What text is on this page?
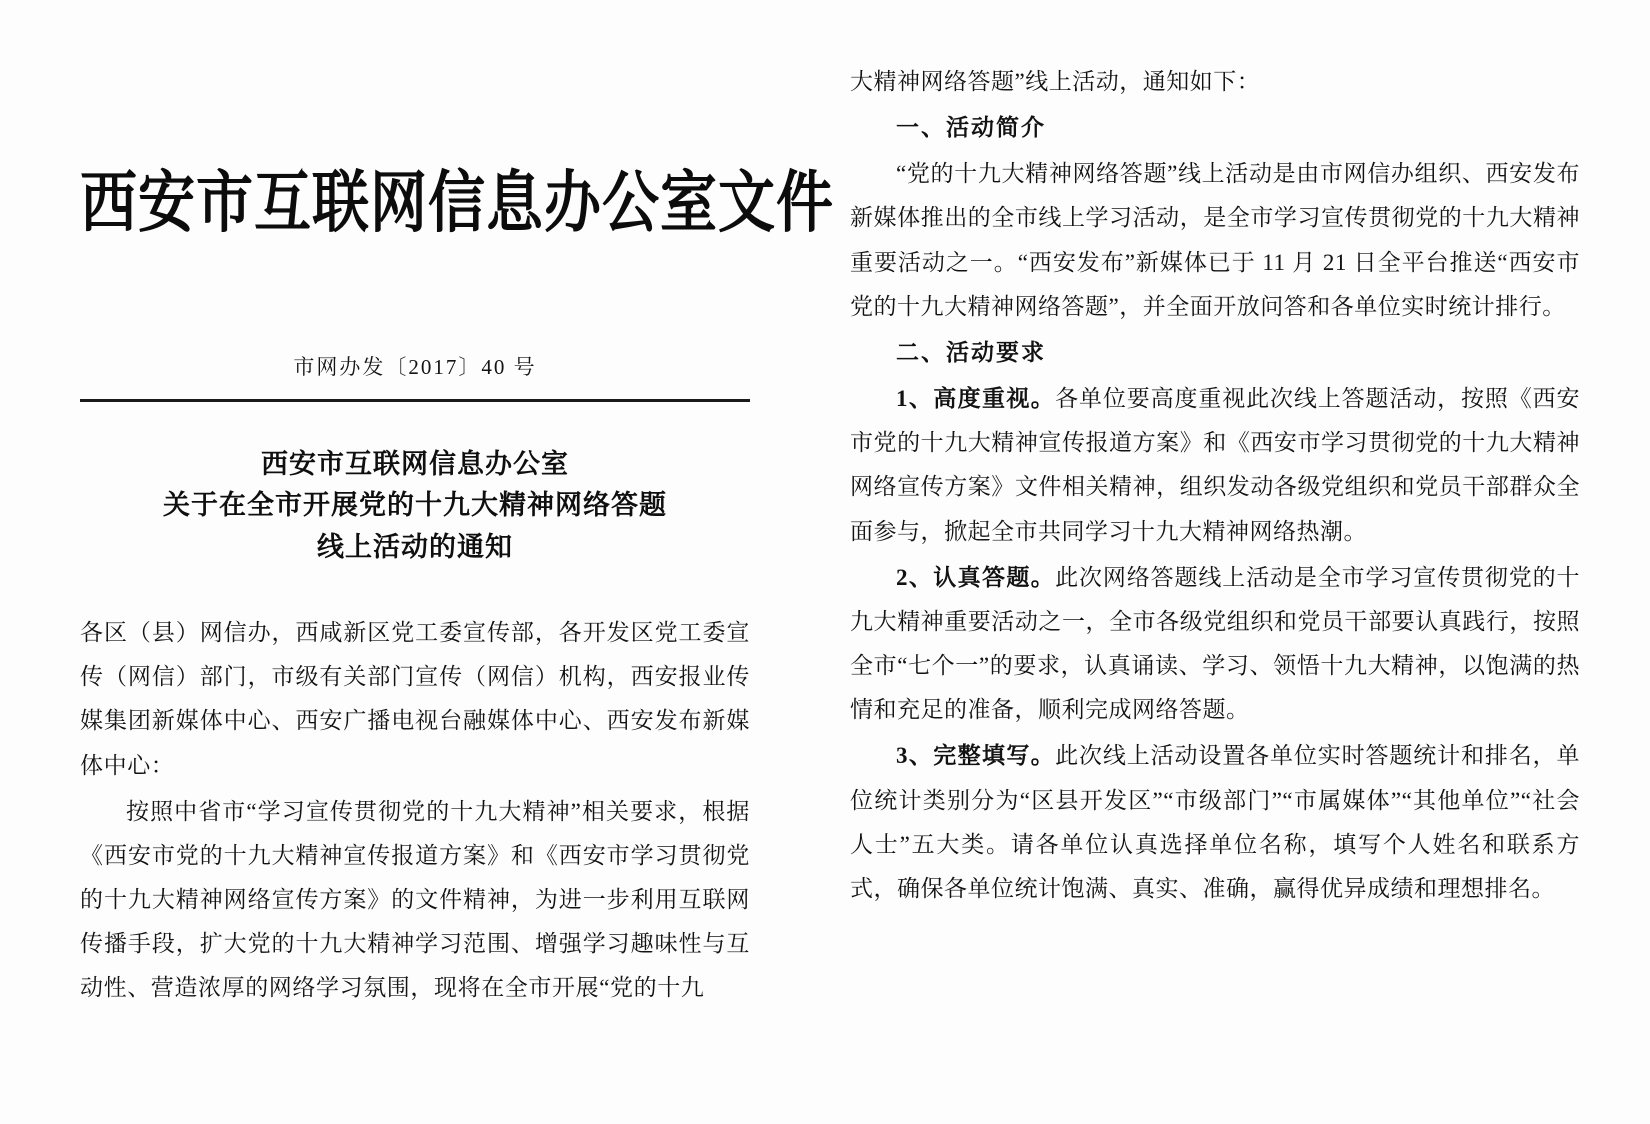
西安市互联网信息办公室文件
市网办发〔2017〕40 号
西安市互联网信息办公室
关于在全市开展党的十九大精神网络答题
线上活动的通知

各区（县）网信办，西咸新区党工委宣传部，各开发区党工委宣传（网信）部门，市级有关部门宣传（网信）机构，西安报业传媒集团新媒体中心、西安广播电视台融媒体中心、西安发布新媒体中心：

按照中省市“学习宣传贯彻党的十九大精神”相关要求，根据《西安市党的十九大精神宣传报道方案》和《西安市学习贯彻党的十九大精神网络宣传方案》的文件精神，为进一步利用互联网传播手段，扩大党的十九大精神学习范围、增强学习趣味性与互动性、营造浓厚的网络学习氛围，现将在全市开展“党的十九

大精神网络答题”线上活动，通知如下：

一、活动简介

“党的十九大精神网络答题”线上活动是由市网信办组织、西安发布新媒体推出的全市线上学习活动，是全市学习宣传贯彻党的十九大精神重要活动之一。“西安发布”新媒体已于 11 月 21 日全平台推送“西安市党的十九大精神网络答题”，并全面开放问答和各单位实时统计排行。

二、活动要求

1、高度重视。各单位要高度重视此次线上答题活动，按照《西安市党的十九大精神宣传报道方案》和《西安市学习贯彻党的十九大精神网络宣传方案》文件相关精神，组织发动各级党组织和党员干部群众全面参与，掀起全市共同学习十九大精神网络热潮。

2、认真答题。此次网络答题线上活动是全市学习宣传贯彻党的十九大精神重要活动之一，全市各级党组织和党员干部要认真践行，按照全市“七个一”的要求，认真诵读、学习、领悟十九大精神，以饱满的热情和充足的准备，顺利完成网络答题。

3、完整填写。此次线上活动设置各单位实时答题统计和排名，单位统计类别分为“区县开发区”“市级部门”“市属媒体”“其他单位”“社会人士”五大类。请各单位认真选择单位名称，填写个人姓名和联系方式，确保各单位统计饱满、真实、准确，赢得优异成绩和理想排名。
